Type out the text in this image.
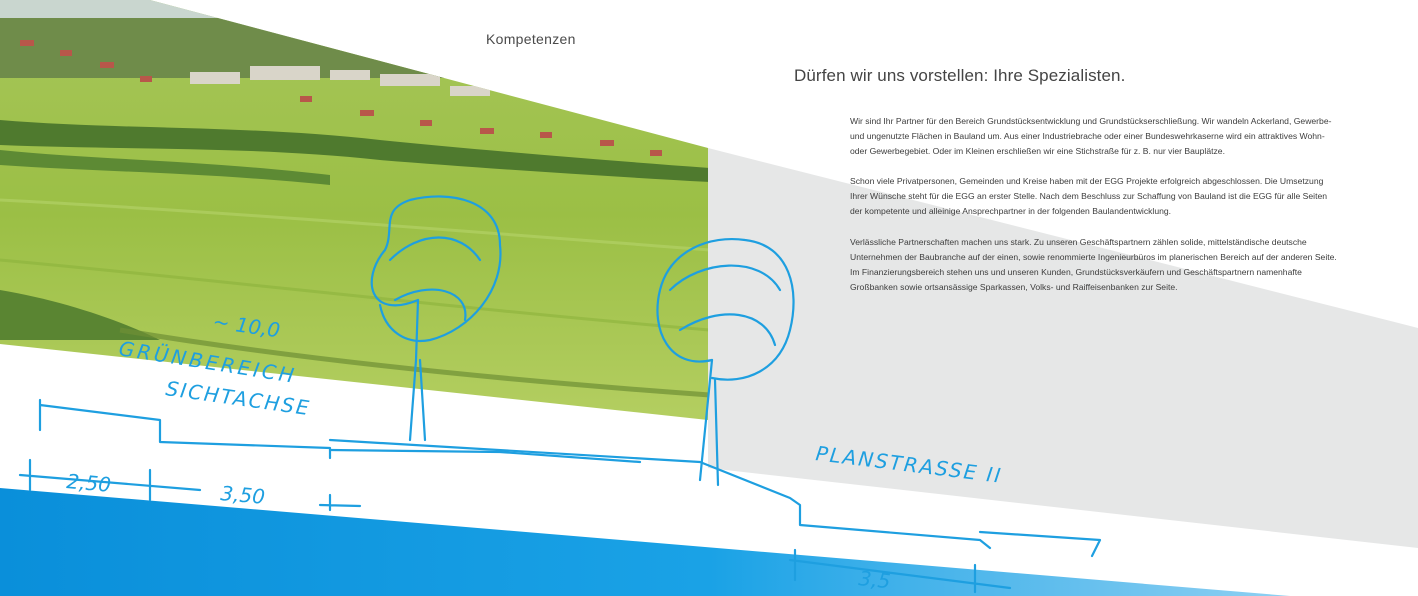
~ 10,0
GRÜNBEREICH
SICHTACHSE
2,50	3,50
PLANSTRASSE II
3,5
Kompetenzen
Dürfen wir uns vorstellen: Ihre Spezialisten.

Wir sind Ihr Partner für den Bereich Grundstücksentwicklung und Grundstückserschließung. Wir wandeln Ackerland, Gewerbe- und ungenutzte Flächen in Bauland um. Aus einer Industriebrache oder einer Bundeswehrkaserne wird ein attraktives Wohn- oder Gewerbegebiet. Oder im Kleinen erschließen wir eine Stichstraße für z. B. nur vier Bauplätze.

Schon viele Privatpersonen, Gemeinden und Kreise haben mit der EGG Projekte erfolgreich abgeschlossen. Die Umsetzung Ihrer Wünsche steht für die EGG an erster Stelle. Nach dem Beschluss zur Schaffung von Bauland ist die EGG für alle Seiten der kompetente und alleinige Ansprechpartner in der folgenden Baulandentwicklung.

Verlässliche Partnerschaften machen uns stark. Zu unseren Geschäftspartnern zählen solide, mittelständische deutsche Unternehmen der Baubranche auf der einen, sowie renommierte Ingenieurbüros im planerischen Bereich auf der anderen Seite. Im Finanzierungsbereich stehen uns und unseren Kunden, Grundstücksverkäufern und Geschäftspartnern namenhafte Großbanken sowie ortsansässige Sparkassen, Volks- und Raiffeisenbanken zur Seite.
